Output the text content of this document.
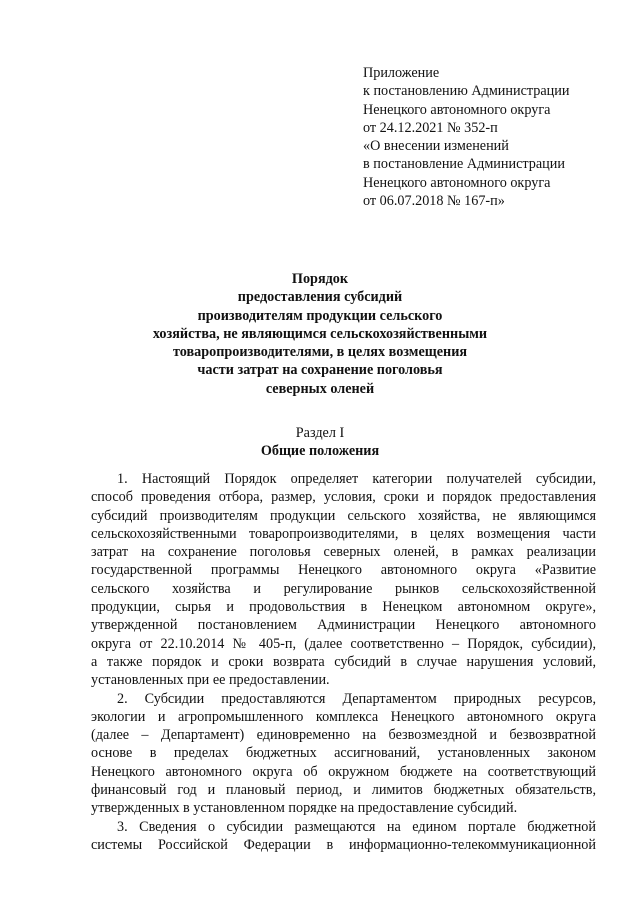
Приложение
к постановлению Администрации
Ненецкого автономного округа
от 24.12.2021 № 352-п
«О внесении изменений
в постановление Администрации
Ненецкого автономного округа
от 06.07.2018 № 167-п»
Порядок
предоставления субсидий
производителям продукции сельского
хозяйства, не являющимся сельскохозяйственными
товаропроизводителями, в целях возмещения
части затрат на сохранение поголовья
северных оленей
Раздел I
Общие положения
1. Настоящий Порядок определяет категории получателей субсидии,
способ проведения отбора, размер, условия, сроки и порядок предоставления
субсидий производителям продукции сельского хозяйства, не являющимся
сельскохозяйственными товаропроизводителями, в целях возмещения части
затрат на сохранение поголовья северных оленей, в рамках реализации
государственной программы Ненецкого автономного округа «Развитие
сельского хозяйства и регулирование рынков сельскохозяйственной
продукции, сырья и продовольствия в Ненецком автономном округе»,
утвержденной постановлением Администрации Ненецкого автономного
округа от 22.10.2014 № 405-п, (далее соответственно – Порядок, субсидии),
а также порядок и сроки возврата субсидий в случае нарушения условий,
установленных при ее предоставлении.
2. Субсидии предоставляются Департаментом природных ресурсов,
экологии и агропромышленного комплекса Ненецкого автономного округа
(далее – Департамент) единовременно на безвозмездной и безвозвратной
основе в пределах бюджетных ассигнований, установленных законом
Ненецкого автономного округа об окружном бюджете на соответствующий
финансовый год и плановый период, и лимитов бюджетных обязательств,
утвержденных в установленном порядке на предоставление субсидий.
3. Сведения о субсидии размещаются на едином портале бюджетной
системы Российской Федерации в информационно-телекоммуникационной
